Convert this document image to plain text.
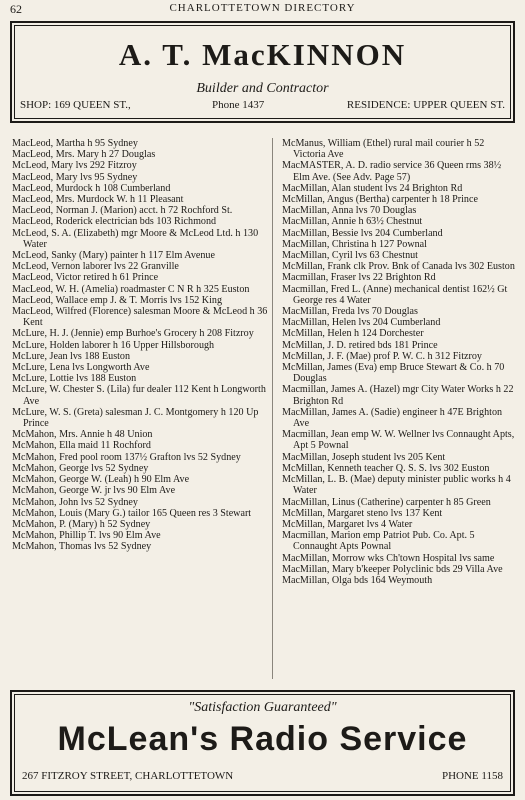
62	CHARLOTTETOWN DIRECTORY
A. T. MacKINNON
Builder and Contractor
SHOP: 169 QUEEN ST.,	Phone 1437	RESIDENCE: UPPER QUEEN ST.
MacLeod, Martha h 95 Sydney
MacLeod, Mrs. Mary h 27 Douglas
McLeod, Mary lvs 292 Fitzroy
MacLeod, Mary lvs 95 Sydney
MacLeod, Murdock h 108 Cumberland
MacLeod, Mrs. Murdock W. h 11 Pleasant
MacLeod, Norman J. (Marion) acct. h 72 Rochford St.
MacLeod, Roderick electrician bds 103 Richmond
McLeod, S. A. (Elizabeth) mgr Moore & McLeod Ltd. h 130 Water
McLeod, Sanky (Mary) painter h 117 Elm Avenue
McLeod, Vernon laborer lvs 22 Granville
MacLeod, Victor retired h 61 Prince
MacLeod, W. H. (Amelia) roadmaster C N R h 325 Euston
MacLeod, Wallace emp J. & T. Morris lvs 152 King
MacLeod, Wilfred (Florence) salesman Moore & McLeod h 36 Kent
McLure, H. J. (Jennie) emp Burhoe's Grocery h 208 Fitzroy
McLure, Holden laborer h 16 Upper Hillsborough
McLure, Jean lvs 188 Euston
McLure, Lena lvs Longworth Ave
McLure, Lottie lvs 188 Euston
McLure, W. Chester S. (Lila) fur dealer 112 Kent h Longworth Ave
McLure, W. S. (Greta) salesman J. C. Montgomery h 120 Up Prince
McMahon, Mrs. Annie h 48 Union
McMahon, Ella maid 11 Rochford
McMahon, Fred pool room 137½ Grafton lvs 52 Sydney
McMahon, George lvs 52 Sydney
McMahon, George W. (Leah) h 90 Elm Ave
McMahon, George W. jr lvs 90 Elm Ave
McMahon, John lvs 52 Sydney
McMahon, Louis (Mary G.) tailor 165 Queen res 3 Stewart
McMahon, P. (Mary) h 52 Sydney
McMahon, Phillip T. lvs 90 Elm Ave
McMahon, Thomas lvs 52 Sydney
McManus, William (Ethel) rural mail courier h 52 Victoria Ave
MacMASTER, A. D. radio service 36 Queen rms 38½ Elm Ave. (See Adv. Page 57)
MacMillan, Alan student lvs 24 Brighton Rd
McMillan, Angus (Bertha) carpenter h 18 Prince
MacMillan, Anna lvs 70 Douglas
MacMillan, Annie h 63½ Chestnut
MacMillan, Bessie lvs 204 Cumberland
MacMillan, Christina h 127 Pownal
MacMillan, Cyril lvs 63 Chestnut
McMillan, Frank clk Prov. Bnk of Canada lvs 302 Euston
Macmillan, Fraser lvs 22 Brighton Rd
Macmillan, Fred L. (Anne) mechanical dentist 162½ Gt George res 4 Water
MacMillan, Freda lvs 70 Douglas
MacMillan, Helen lvs 204 Cumberland
McMillan, Helen h 124 Dorchester
McMillan, J. D. retired bds 181 Prince
McMillan, J. F. (Mae) prof P. W. C. h 312 Fitzroy
McMillan, James (Eva) emp Bruce Stewart & Co. h 70 Douglas
Macmillan, James A. (Hazel) mgr City Water Works h 22 Brighton Rd
MacMillan, James A. (Sadie) engineer h 47E Brighton Ave
Macmillan, Jean emp W. W. Wellner lvs Connaught Apts, Apt 5 Pownal
MacMillan, Joseph student lvs 205 Kent
McMillan, Kenneth teacher Q. S. S. lvs 302 Euston
McMillan, L. B. (Mae) deputy minister public works h 4 Water
MacMillan, Linus (Catherine) carpenter h 85 Green
McMillan, Margaret steno lvs 137 Kent
McMillan, Margaret lvs 4 Water
Macmillan, Marion emp Patriot Pub. Co. Apt. 5 Connaught Apts Pownal
MacMillan, Morrow wks Ch'town Hospital lvs same
MacMillan, Mary b'keeper Polyclinic bds 29 Villa Ave
MacMillan, Olga bds 164 Weymouth
"Satisfaction Guaranteed"
McLean's Radio Service
267 FITZROY STREET, CHARLOTTETOWN	PHONE 1158
